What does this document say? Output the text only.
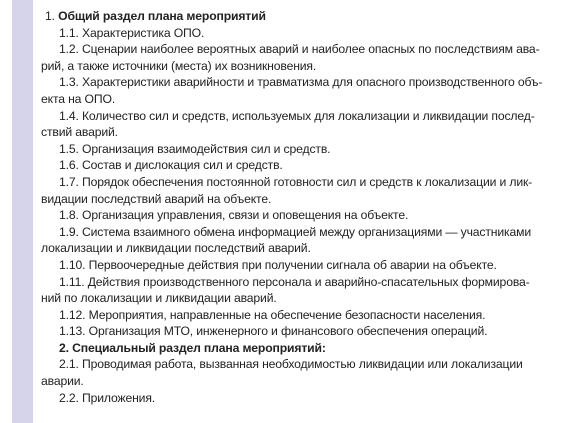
1. Общий раздел плана мероприятий

1.1. Характеристика ОПО.

1.2. Сценарии наиболее вероятных аварий и наиболее опасных по последствиям ава-
рий, а также источники (места) их возникновения.

1.3. Характеристики аварийности и травматизма для опасного производственного объ-
екта на ОПО.

1.4. Количество сил и средств, используемых для локализации и ликвидации послед-
ствий аварий.

1.5. Организация взаимодействия сил и средств.

1.6. Состав и дислокация сил и средств.

1.7. Порядок обеспечения постоянной готовности сил и средств к локализации и лик-
видации последствий аварий на объекте.

1.8. Организация управления, связи и оповещения на объекте.

1.9. Система взаимного обмена информацией между организациями — участниками
локализации и ликвидации последствий аварий.

1.10. Первоочередные действия при получении сигнала об аварии на объекте.

1.11. Действия производственного персонала и аварийно-спасательных формирова-
ний по локализации и ликвидации аварий.

1.12. Мероприятия, направленные на обеспечение безопасности населения.

1.13. Организация МТО, инженерного и финансового обеспечения операций.

2. Специальный раздел плана мероприятий:

2.1. Проводимая работа, вызванная необходимостью ликвидации или локализации
аварии.

2.2. Приложения.
